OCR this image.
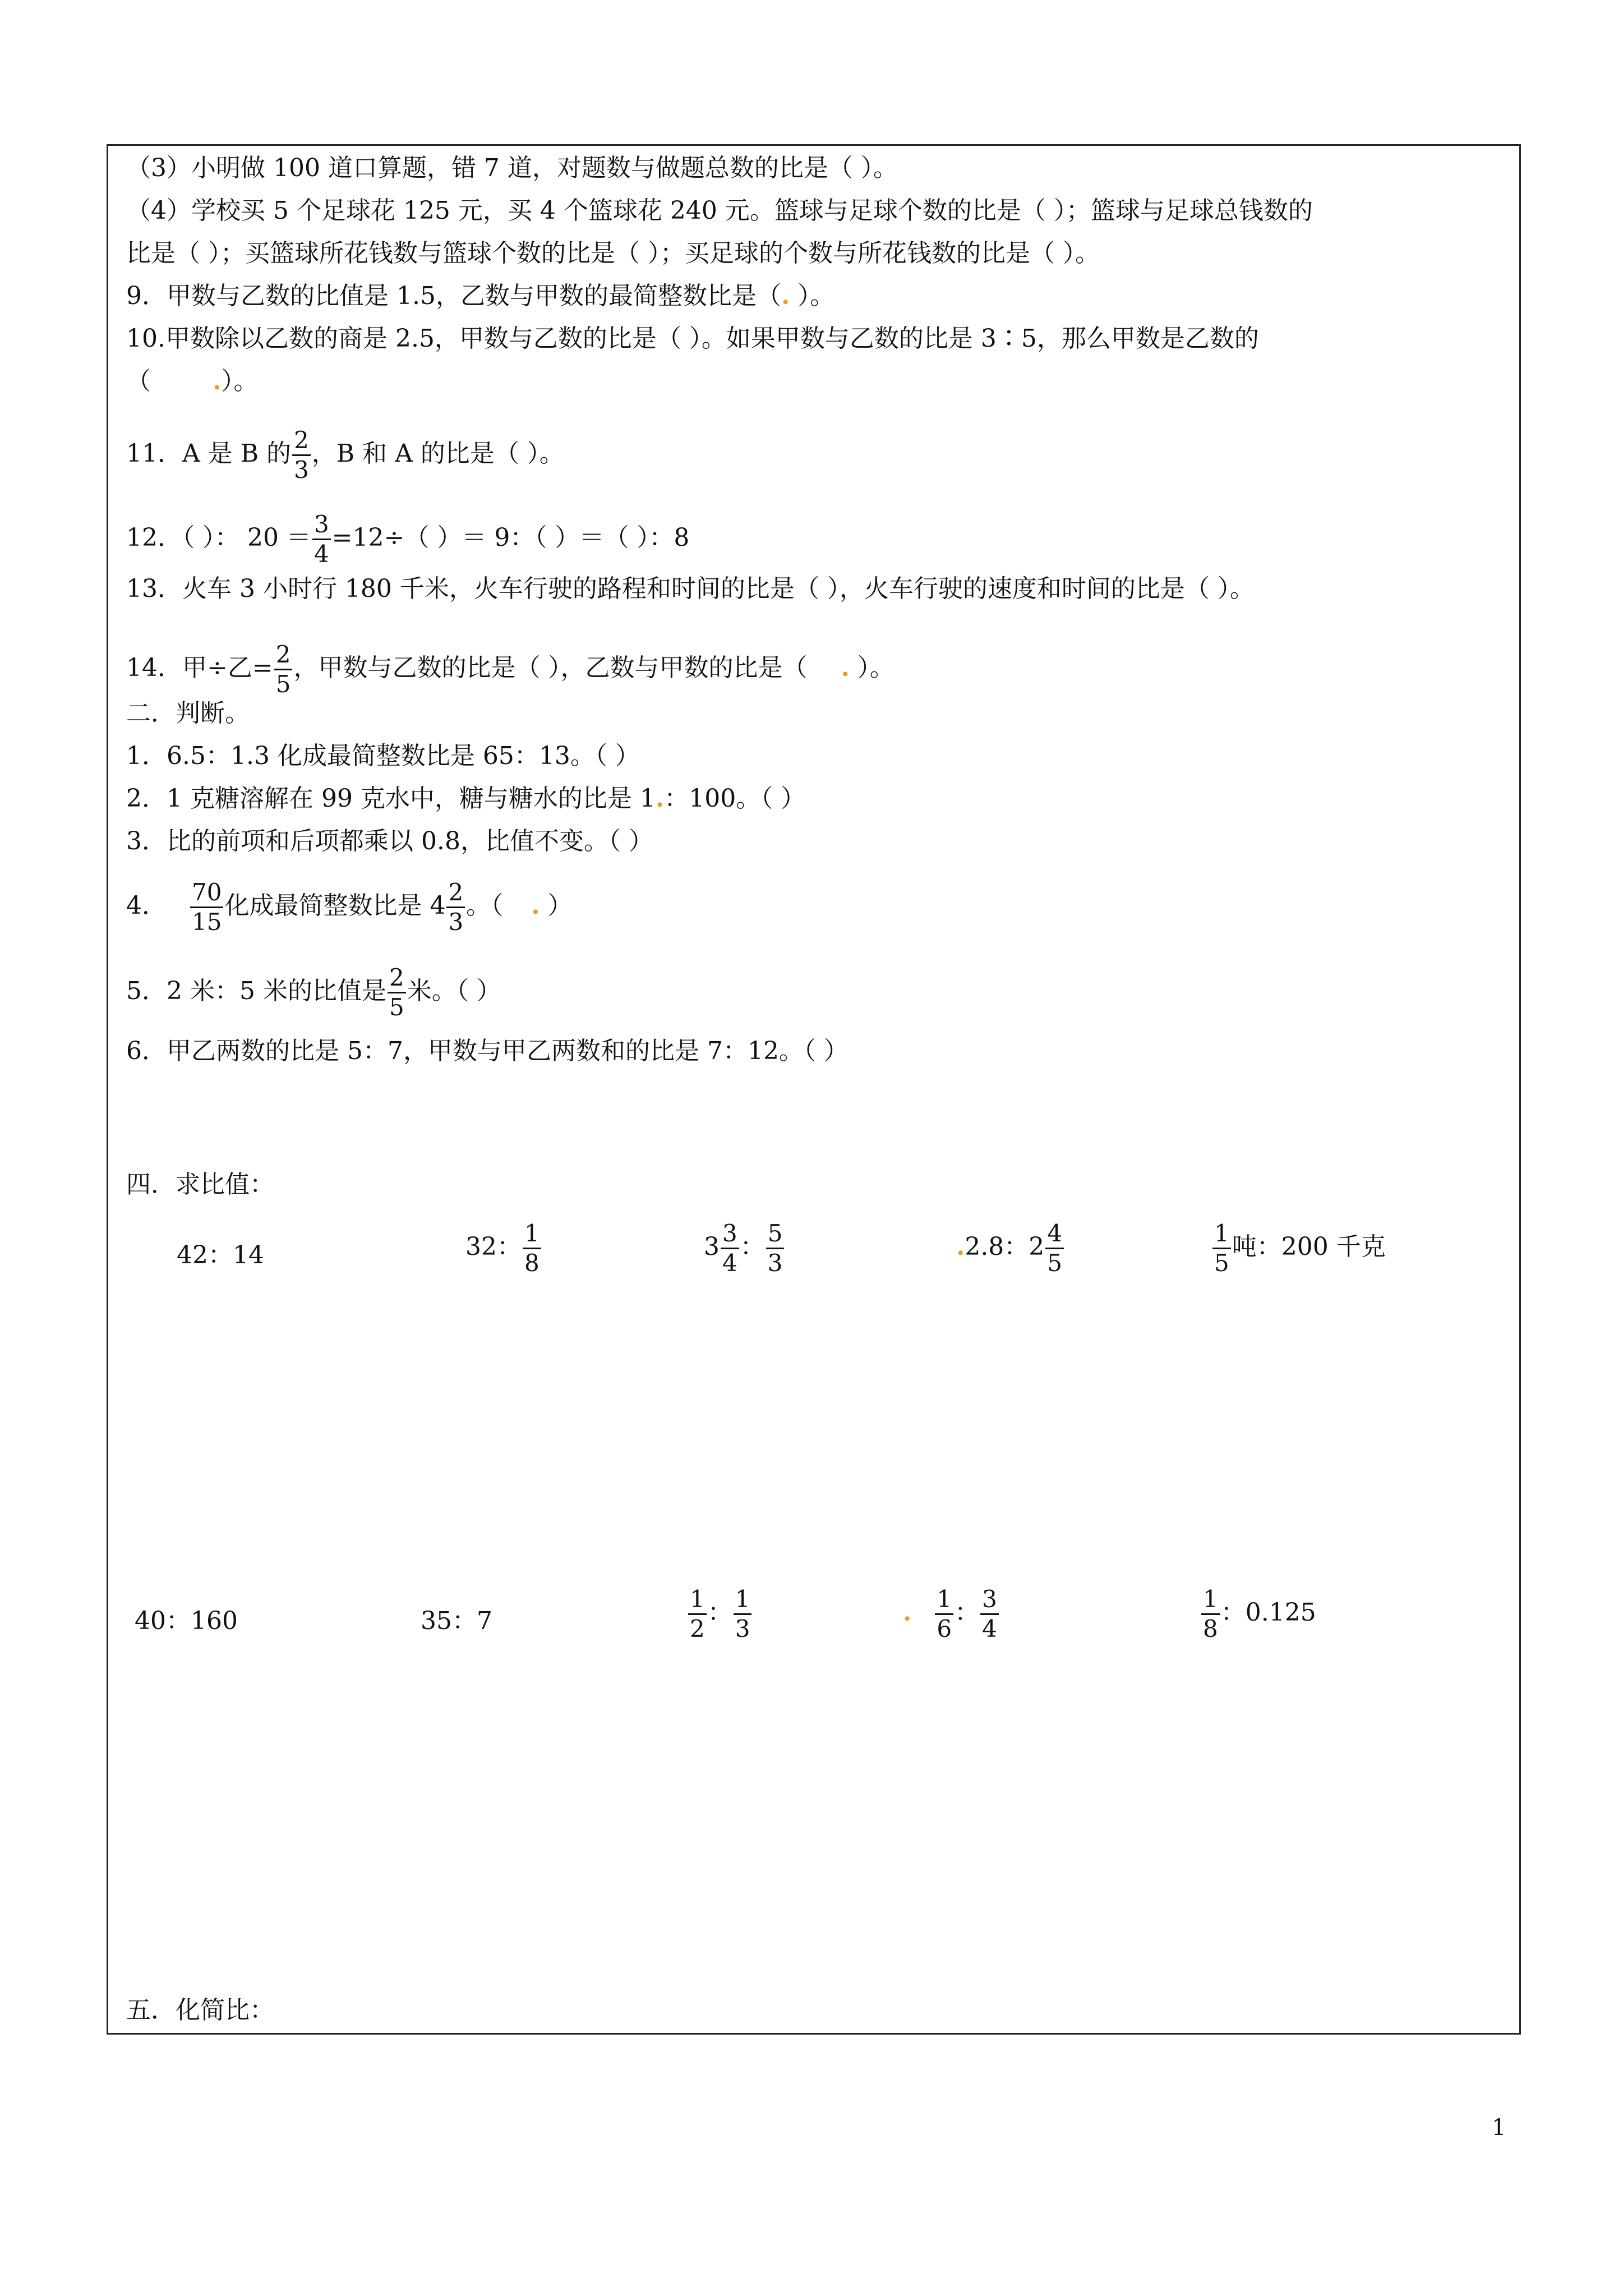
（3）小明做 100 道口算题，错 7 道，对题数与做题总数的比是（ ）。
（4）学校买 5 个足球花 125 元，买 4 个篮球花 240 元。篮球与足球个数的比是（ ）；篮球与足球总钱数的
比是（ ）；买篮球所花钱数与篮球个数的比是（ ）；买足球的个数与所花钱数的比是（ ）。
9．甲数与乙数的比值是 1.5，乙数与甲数的最简整数比是（. ）。
10.甲数除以乙数的商是 2.5，甲数与乙数的比是（ ）。如果甲数与乙数的比是 3∶5，那么甲数是乙数的
（	.）。
11．A 是 B 的 $\frac{2}{3}$ ，B 和 A 的比是（ ）。
12．（ ）： $20 = \frac{3}{4} =12\div$（ ）＝ 9：（ ）＝（ ）：8
13．火车 3 小时行 180 千米，火车行驶的路程和时间的比是（ ），火车行驶的速度和时间的比是（ ）。
14．甲÷乙= $\frac{2}{5}$ ，甲数与乙数的比是（ ），乙数与甲数的比是（ . ）。
二．判断。
1．6.5：1.3 化成最简整数比是 65：13。（ ）
2．1 克糖溶解在 99 克水中，糖与糖水的比是 1.：100。（ ）
3．比的前项和后项都乘以 0.8，比值不变。（ ）
4． $\frac{70}{15}$ 化成最简整数比是 $4 \frac{2}{3}$ 。（ . ）
5．2 米：5 米的比值是 $\frac{2}{5}$ 米。（ ）
6．甲乙两数的比是 5：7，甲数与甲乙两数和的比是 7：12。（ ）
四．求比值：
42：14	32： $\frac{1}{8}$	$3 \frac{3}{4}$ ： $\frac{5}{3}$	.2.8：$2 \frac{4}{5}$	$\frac{1}{5}$ 吨：200 千克
40：160	35：7	$\frac{1}{2}$ ： $\frac{1}{3}$	. $\frac{1}{6}$ ： $\frac{3}{4}$	$\frac{1}{8}$ ：0.125
五．化简比：
1
